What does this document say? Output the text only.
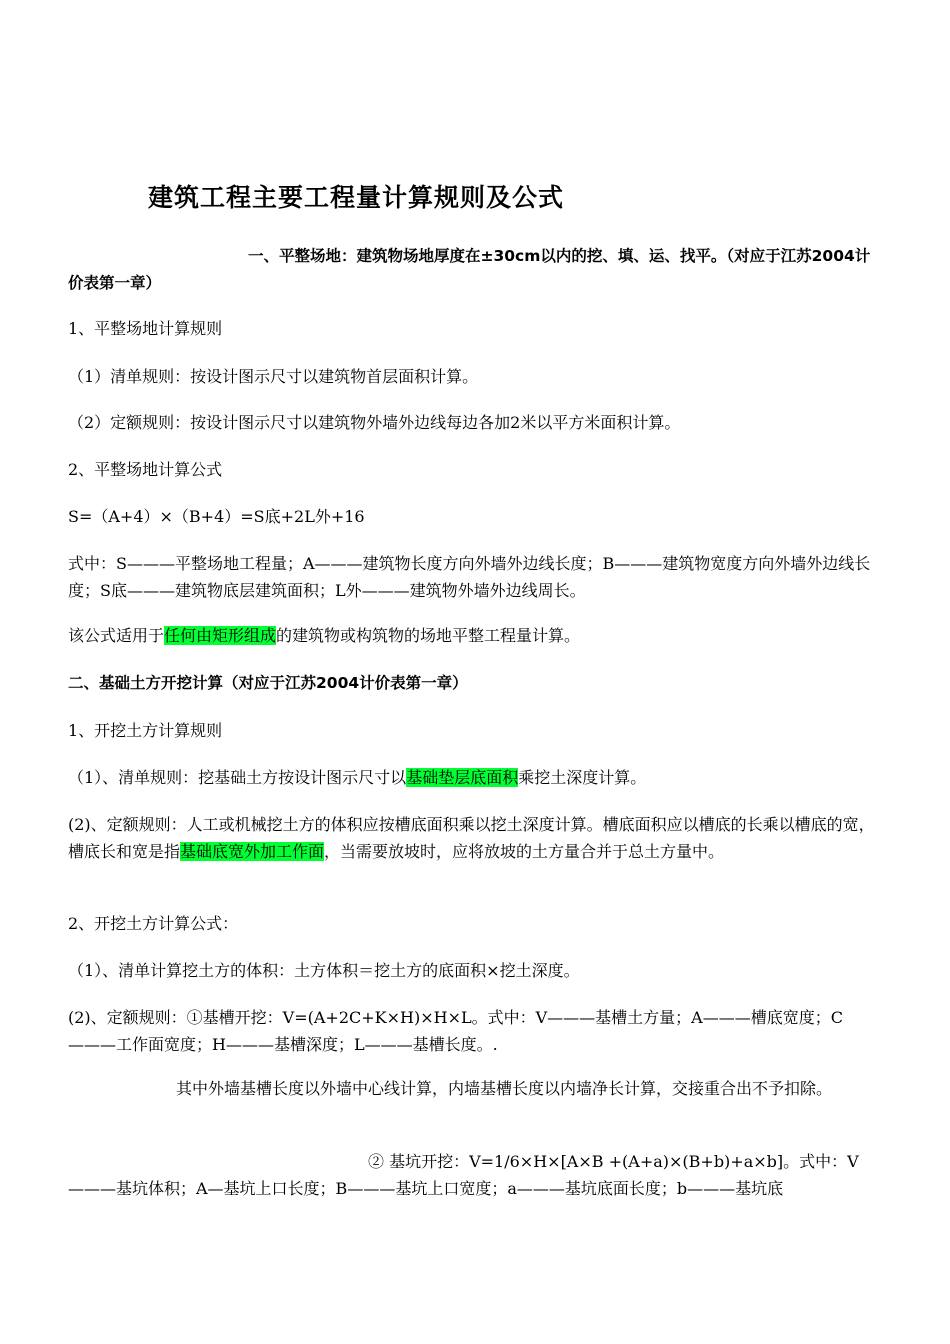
建筑工程主要工程量计算规则及公式
一、平整场地：建筑物场地厚度在±30cm以内的挖、填、运、找平。（对应于江苏2004计价表第一章）
1、平整场地计算规则
（1）清单规则：按设计图示尺寸以建筑物首层面积计算。
（2）定额规则：按设计图示尺寸以建筑物外墙外边线每边各加2米以平方米面积计算。
2、平整场地计算公式
S=（A+4）×（B+4）=S底+2L外+16
式中：S———平整场地工程量；A———建筑物长度方向外墙外边线长度；B———建筑物宽度方向外墙外边线长度；S底———建筑物底层建筑面积；L外———建筑物外墙外边线周长。
该公式适用于任何由矩形组成的建筑物或构筑物的场地平整工程量计算。
二、基础土方开挖计算（对应于江苏2004计价表第一章）
1、开挖土方计算规则
（1）、清单规则：挖基础土方按设计图示尺寸以基础垫层底面积乘挖土深度计算。
(2)、定额规则：人工或机械挖土方的体积应按槽底面积乘以挖土深度计算。槽底面积应以槽底的长乘以槽底的宽，槽底长和宽是指基础底宽外加工作面，当需要放坡时，应将放坡的土方量合并于总土方量中。
2、开挖土方计算公式：
（1）、清单计算挖土方的体积：土方体积＝挖土方的底面积×挖土深度。
(2)、定额规则：①基槽开挖：V=(A+2C+K×H)×H×L。式中：V———基槽土方量；A———槽底宽度；C———工作面宽度；H———基槽深度；L———基槽长度。.
其中外墙基槽长度以外墙中心线计算，内墙基槽长度以内墙净长计算，交接重合出不予扣除。
② 基坑开挖：V=1/6×H×[A×B +(A+a)×(B+b)+a×b]。式中：V———基坑体积；A—基坑上口长度；B———基坑上口宽度；a———基坑底面长度；b———基坑底
